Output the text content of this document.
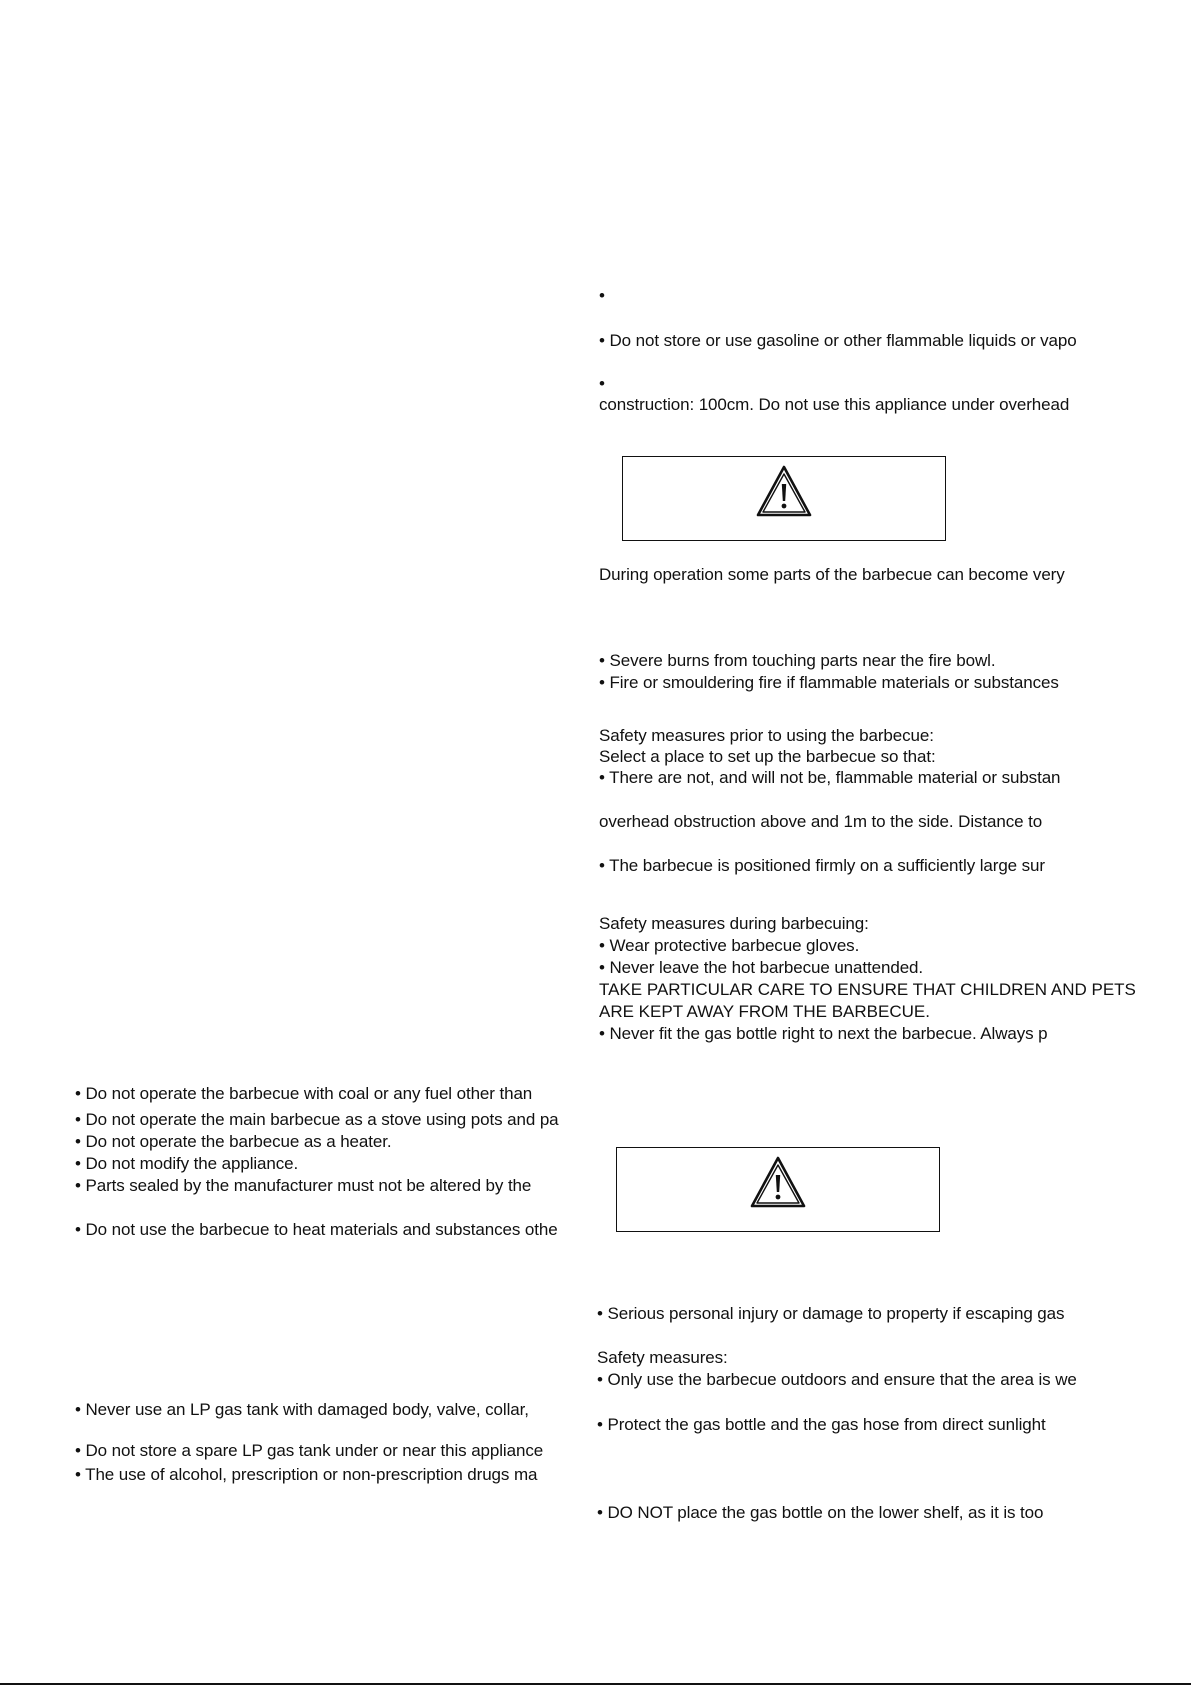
•

• Do not store or use gasoline or other flammable liquids or vapo

•

construction: 100cm. Do not use this appliance under overhead

During operation some parts of the barbecue can become very

• Severe burns from touching parts near the fire bowl.

• Fire or smouldering fire if flammable materials or substances

Safety measures prior to using the barbecue:

Select a place to set up the barbecue so that:

• There are not, and will not be, flammable material or substan

overhead obstruction above and 1m to the side. Distance to

• The barbecue is positioned firmly on a sufficiently large sur

Safety measures during barbecuing:

• Wear protective barbecue gloves.

• Never leave the hot barbecue unattended.

TAKE PARTICULAR CARE TO ENSURE THAT CHILDREN AND PETS

ARE KEPT AWAY FROM THE BARBECUE.

• Never fit the gas bottle right to next the barbecue. Always p

• Serious personal injury or damage to property if escaping gas

Safety measures:

• Only use the barbecue outdoors and ensure that the area is we

• Protect the gas bottle and the gas hose from direct sunlight

• DO NOT place the gas bottle on the lower shelf, as it is too

• Do not operate the barbecue with coal or any fuel other than

• Do not operate the main barbecue as a stove using pots and pa

• Do not operate the barbecue as a heater.

• Do not modify the appliance.

• Parts sealed by the manufacturer must not be altered by the

• Do not use the barbecue to heat materials and substances othe

• Never use an LP gas tank with damaged body, valve, collar,

• Do not store a spare LP gas tank under or near this appliance

• The use of alcohol, prescription or non-prescription drugs ma
